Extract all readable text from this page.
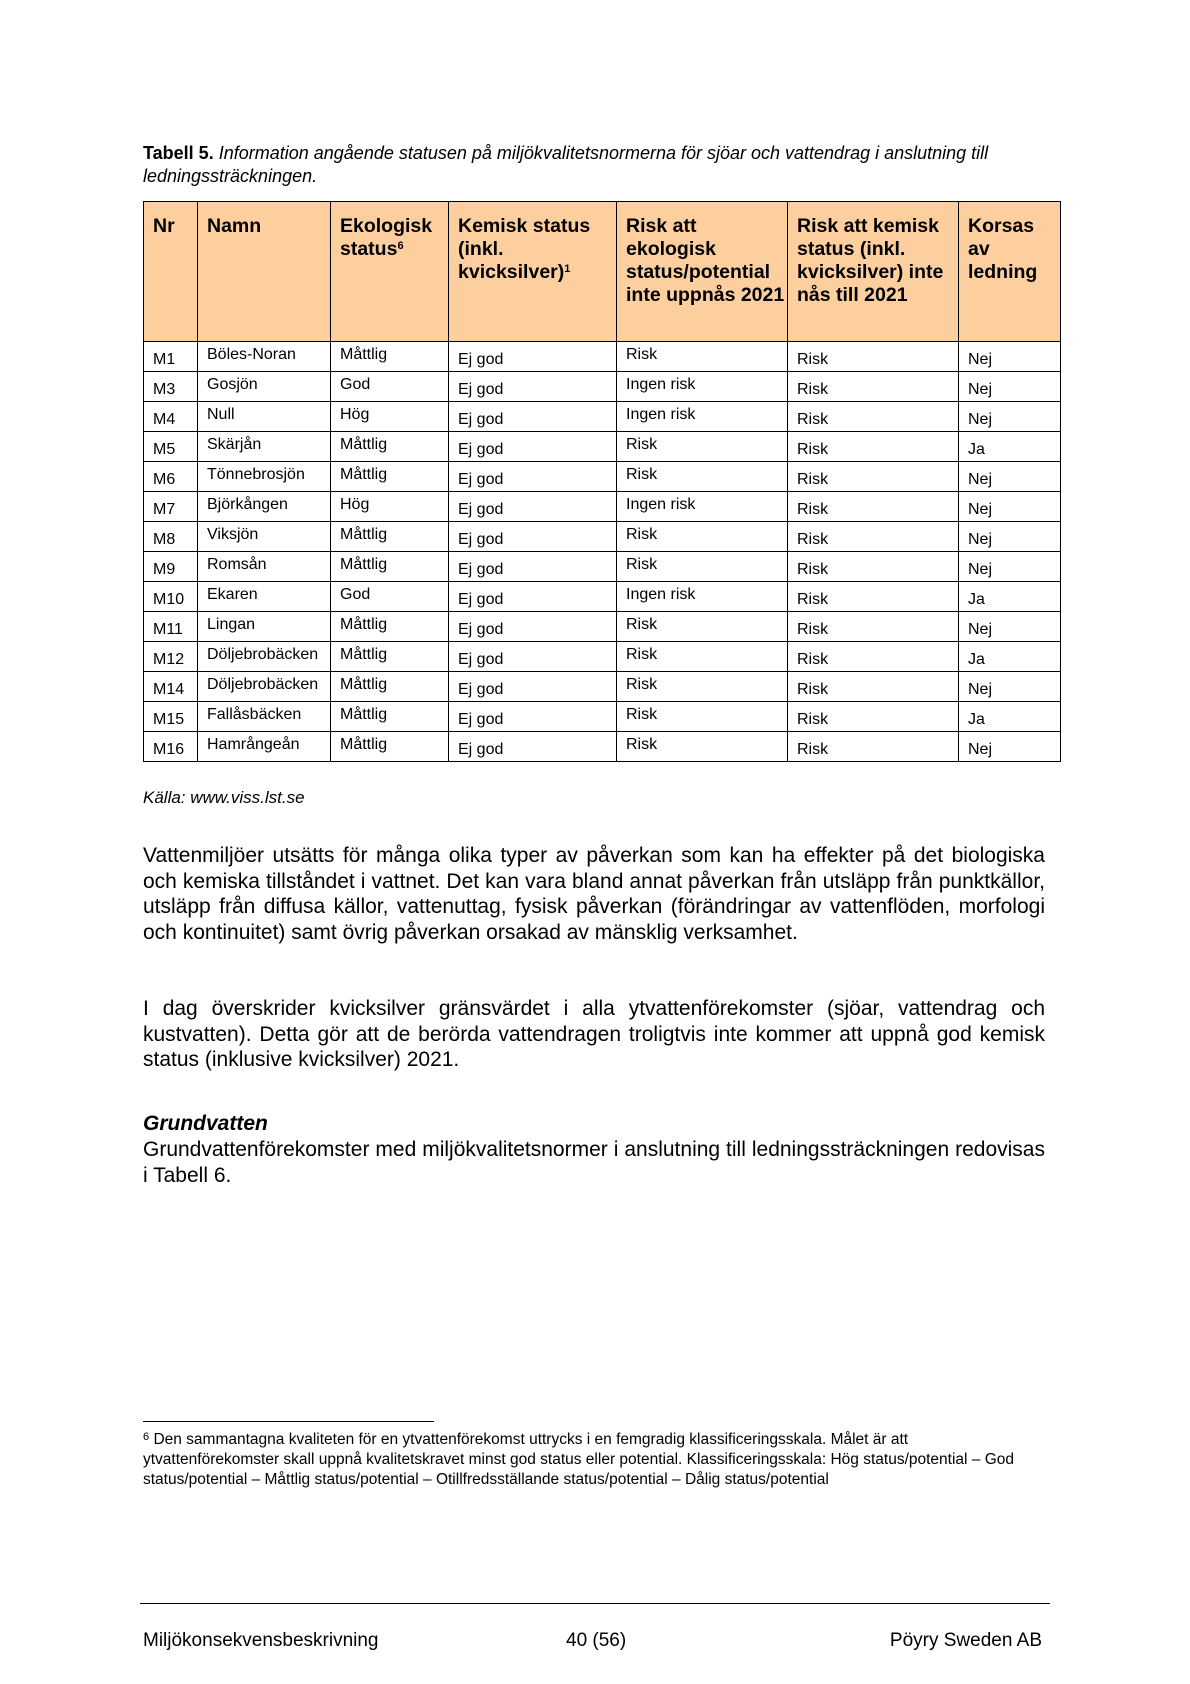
Tabell 5. Information angående statusen på miljökvalitetsnormerna för sjöar och vattendrag i anslutning till ledningssträckningen.
Nr	Namn	Ekologisk status$^6$	Kemisk status (inkl. kvicksilver)$^1$	Risk att ekologisk status/potential inte uppnås 2021	Risk att kemisk status (inkl. kvicksilver) inte nås till 2021	Korsas av ledning
M1	Böles-Noran	Måttlig	Ej god	Risk	Risk	Nej
M3	Gosjön	God	Ej god	Ingen risk	Risk	Nej
M4	Null	Hög	Ej god	Ingen risk	Risk	Nej
M5	Skärjån	Måttlig	Ej god	Risk	Risk	Ja
M6	Tönnebrosjön	Måttlig	Ej god	Risk	Risk	Nej
M7	Björkången	Hög	Ej god	Ingen risk	Risk	Nej
M8	Viksjön	Måttlig	Ej god	Risk	Risk	Nej
M9	Romsån	Måttlig	Ej god	Risk	Risk	Nej
M10	Ekaren	God	Ej god	Ingen risk	Risk	Ja
M11	Lingan	Måttlig	Ej god	Risk	Risk	Nej
M12	Döljebrobäcken	Måttlig	Ej god	Risk	Risk	Ja
M14	Döljebrobäcken	Måttlig	Ej god	Risk	Risk	Nej
M15	Fallåsbäcken	Måttlig	Ej god	Risk	Risk	Ja
M16	Hamrångeån	Måttlig	Ej god	Risk	Risk	Nej
Källa: www.viss.lst.se
Vattenmiljöer utsätts för många olika typer av påverkan som kan ha effekter på det biologiska och kemiska tillståndet i vattnet. Det kan vara bland annat påverkan från utsläpp från punktkällor, utsläpp från diffusa källor, vattenuttag, fysisk påverkan (förändringar av vattenflöden, morfologi och kontinuitet) samt övrig påverkan orsakad av mänsklig verksamhet.
I dag överskrider kvicksilver gränsvärdet i alla ytvattenförekomster (sjöar, vattendrag och kustvatten). Detta gör att de berörda vattendragen troligtvis inte kommer att uppnå god kemisk status (inklusive kvicksilver) 2021.
Grundvatten
Grundvattenförekomster med miljökvalitetsnormer i anslutning till ledningssträckningen redovisas i Tabell 6.
$^6$ Den sammantagna kvaliteten för en ytvattenförekomst uttrycks i en femgradig klassificeringsskala. Målet är att ytvattenförekomster skall uppnå kvalitetskravet minst god status eller potential. Klassificeringsskala: Hög status/potential – God status/potential – Måttlig status/potential – Otillfredsställande status/potential – Dålig status/potential
Miljökonsekvensbeskrivning	40 (56)	Pöyry Sweden AB
